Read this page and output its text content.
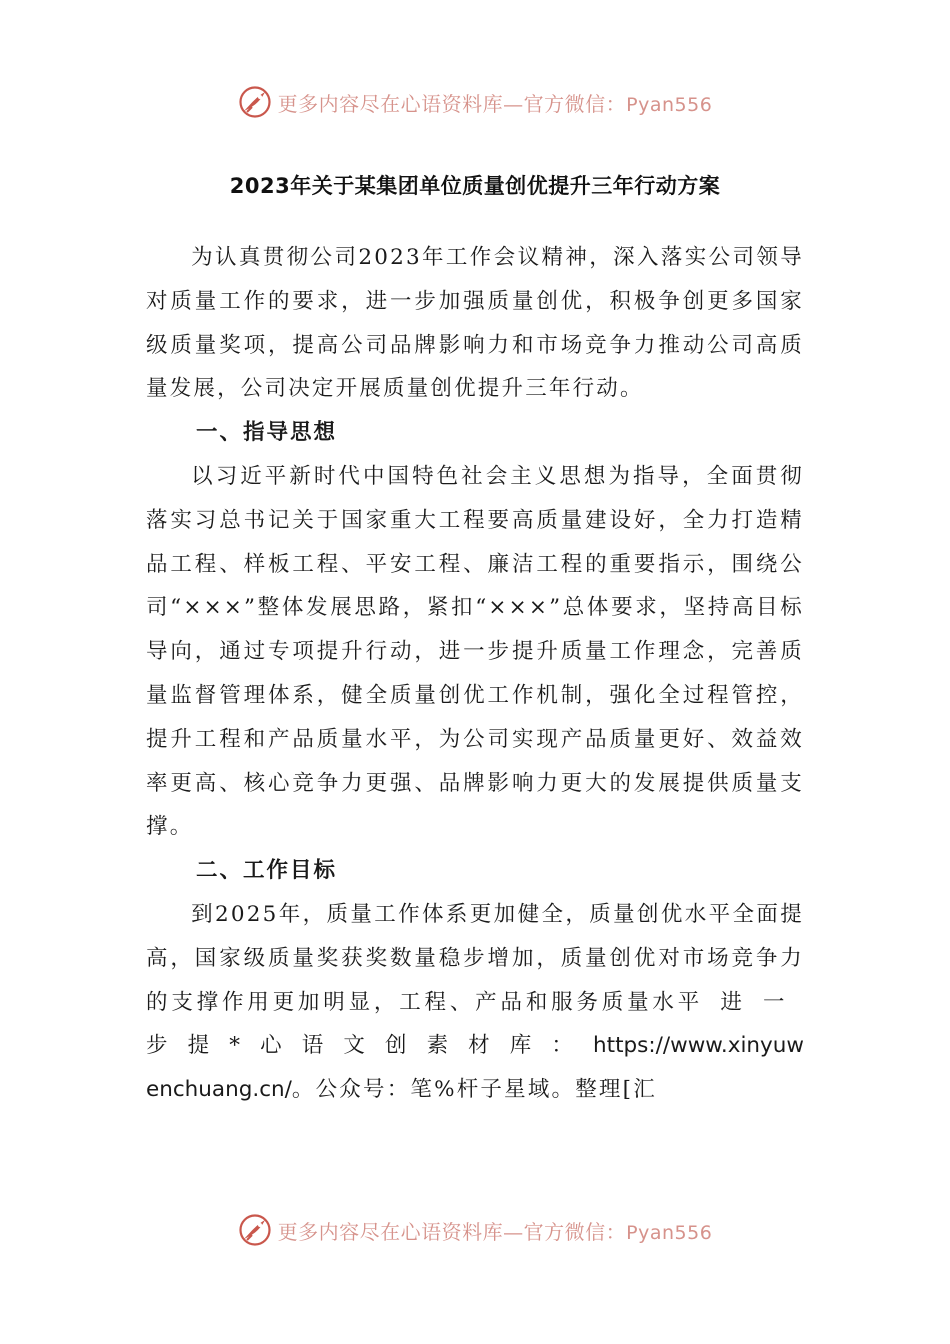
更多内容尽在心语资料库—官方微信：Pyan556
2023年关于某集团单位质量创优提升三年行动方案

为认真贯彻公司2023年工作会议精神，深入落实公司领导对质量工作的要求，进一步加强质量创优，积极争创更多国家级质量奖项，提高公司品牌影响力和市场竞争力推动公司高质量发展，公司决定开展质量创优提升三年行动。

一、指导思想

以习近平新时代中国特色社会主义思想为指导，全面贯彻落实习总书记关于国家重大工程要高质量建设好，全力打造精品工程、样板工程、平安工程、廉洁工程的重要指示，围绕公司“×××”整体发展思路，紧扣“×××”总体要求，坚持高目标导向，通过专项提升行动，进一步提升质量工作理念，完善质量监督管理体系，健全质量创优工作机制，强化全过程管控，提升工程和产品质量水平，为公司实现产品质量更好、效益效率更高、核心竞争力更强、品牌影响力更大的发展提供质量支撑。

二、工作目标

到2025年，质量工作体系更加健全，质量创优水平全面提高，国家级质量奖获奖数量稳步增加，质量创优对市场竞争力的支撑作用更加明显，工程、产品和服务质量水平进一步提*心语文创素材库：https://www.xinyuwenchuang.cn/。公众号：笔%杆子星域。整理[汇

更多内容尽在心语资料库—官方微信：Pyan556
